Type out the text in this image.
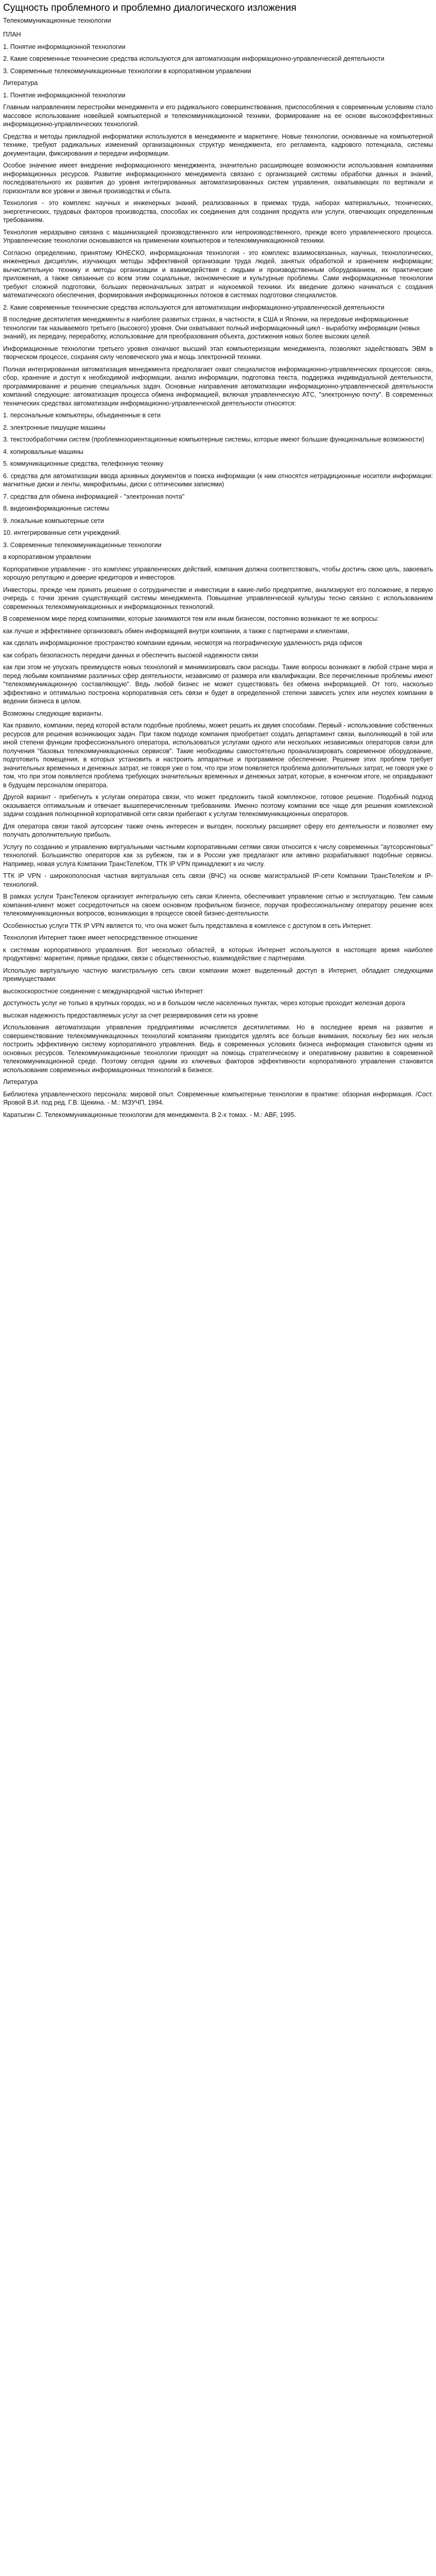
Сущность проблемного и проблемно диалогического изложения
Телекоммуникационные технологии

ПЛАН

1. Понятие информационной технологии

2. Какие современные технические средства используются для автоматизации информационно-управленческой деятельности

3. Современные телекоммуникационные технологии в корпоративном управлении

Литература

1. Понятие информационной технологии

Главным направлением перестройки менеджмента и его радикального совершенствования, приспособления к современным условиям стало массовое использование новейшей компьютерной и телекоммуникационной техники, формирование на ее основе высокоэффективных информационно-управленческих технологий.

Средства и методы прикладной информатики используются в менеджменте и маркетинге. Новые технологии, основанные на компьютерной технике, требуют радикальных изменений организационных структур менеджмента, его регламента, кадрового потенциала, системы документации, фиксирования и передачи информации.

Особое значение имеет внедрение информационного менеджмента, значительно расширяющее возможности использования компаниями информационных ресурсов. Развитие информационного менеджмента связано с организацией системы обработки данных и знаний, последовательного их развития до уровня интегрированных автоматизированных систем управления, охватывающих по вертикали и горизонтали все уровни и звенья производства и сбыта.

Технология - это комплекс научных и инженерных знаний, реализованных в приемах труда, наборах материальных, технических, энергетических, трудовых факторов производства, способах их соединения для создания продукта или услуги, отвечающих определенным требованиям.

Технология неразрывно связана с машинизацией производственного или непроизводственного, прежде всего управленческого процесса. Управленческие технологии основываются на применении компьютеров и телекоммуникационной техники.

Согласно определению, принятому ЮНЕСКО, информационная технология - это комплекс взаимосвязанных, научных, технологических, инженерных дисциплин, изучающих методы эффективной организации труда людей, занятых обработкой и хранением информации; вычислительную технику и методы организации и взаимодействия с людьми и производственным оборудованием, их практические приложения, а также связанные со всем этим социальные, экономические и культурные проблемы. Сами информационные технологии требуют сложной подготовки, больших первоначальных затрат и наукоемкой техники. Их введение должно начинаться с создания математического обеспечения, формирования информационных потоков в системах подготовки специалистов.

2. Какие современные технические средства используются для автоматизации информационно-управленческой деятельности

В последние десятилетия менеджменты в наиболее развитых странах, в частности, в США и Японии, на передовые информационные технологии так называемого третьего (высокого) уровня. Они охватывают полный информационный цикл - выработку информации (новых знаний), их передачу, переработку, использование для преобразования объекта, достижения новых более высоких целей.

Информационные технологии третьего уровня означают высший этап компьютеризации менеджмента, позволяют задействовать ЭВМ в творческом процессе, сохраняя силу человеческого ума и мощь электронной техники.

Полная интегрированная автоматизация менеджмента предполагает охват специалистов информационно-управленческих процессов: связь, сбор, хранение и доступ к необходимой информации, анализ информации, подготовка текста, поддержка индивидуальной деятельности, программирование и решение специальных задач. Основные направления автоматизации информационно-управленческой деятельности компаний следующие: автоматизация процесса обмена информацией, включая управленческую АТС, "электронную почту". В современных технических средствах автоматизации информационно-управленческой деятельности относятся:

1. персональные компьютеры, объединенные в сети

2. электронные пишущие машины

3. текстообработчики систем (проблемноориентационные компьютерные системы, которые имеют большие функциональные возможности)

4. копировальные машины

5. коммуникационные средства, телефонную технику

6. средства для автоматизации ввода архивных документов и поиска информации (к ним относятся нетрадиционные носители информации: магнитные диски и ленты, микрофильмы, диски с оптическими записями)

7. средства для обмена информацией - "электронная почта"

8. видеоинформационные системы

9. локальные компьютерные сети

10. интегрированные сети учреждений.

3. Современные телекоммуникационные технологии

в корпоративном управлении

Корпоративное управление - это комплекс управленческих действий, компания должна соответствовать, чтобы достичь свою цель, завоевать хорошую репутацию и доверие кредиторов и инвесторов.

Инвесторы, прежде чем принять решение о сотрудничестве и инвестиции в какие-либо предприятие, анализируют его положение, в первую очередь с точки зрения существующей системы менеджмента. Повышение управленческой культуры тесно связано с использованием современных телекоммуникационных и информационных технологий.

В современном мире перед компаниями, которые занимаются тем или иным бизнесом, постоянно возникают те же вопросы:

как лучше и эффективнее организовать обмен информацией внутри компании, а также с партнерами и клиентами,

как сделать информационное пространство компании единым, несмотря на географическую удаленность ряда офисов

как собрать безопасность передачи данных и обеспечить высокой надежности связи

как при этом не упускать преимуществ новых технологий и минимизировать свои расходы. Такие вопросы возникают в любой стране мира и перед любыми компаниями различных сфер деятельности, независимо от размера или квалификации. Все перечисленные проблемы имеют "телекоммуникационную составляющую". Ведь любой бизнес не может существовать без обмена информацией. От того, насколько эффективно и оптимально построена корпоративная сеть связи и будет в определенной степени зависеть успех или неуспех компании в ведении бизнеса в целом.

Возможны следующие варианты.

Как правило, компании, перед которой встали подобные проблемы, может решить их двумя способами. Первый - использование собственных ресурсов для решения возникающих задач. При таком подходе компания приобретает создать департамент связи, выполняющий в той или иной степени функции профессионального оператора, использоваться услугами одного или нескольких независимых операторов связи для получения "базовых телекоммуникационных сервисов". Такие необходимы самостоятельно проанализировать современное оборудование, подготовить помещения, в которых установить и настроить аппаратные и программное обеспечение. Решение этих проблем требует значительных временных и денежных затрат, не говоря уже о том, что при этом появляется проблема дополнительных затрат, не говоря уже о том, что при этом появляется проблема требующих значительных временных и денежных затрат, которые, в конечном итоге, не оправдывают в будущем персоналом оператора.

Другой вариант - прибегнуть к услугам оператора связи, что может предложить такой комплексное, готовое решение. Подобный подход оказывается оптимальным и отвечает вышеперечисленным требованиям. Именно поэтому компании все чаще для решения комплексной задачи создания полноценной корпоративной сети связи прибегают к услугам телекоммуникационных операторов.

Для оператора связи такой аутсорсинг также очень интересен и выгоден, поскольку расширяет сферу его деятельности и позволяет ему получать дополнительную прибыль.

Услугу по созданию и управлению виртуальными частными корпоративными сетями связи относится к числу современных "аутсорсинговых" технологий. Большинство операторов как за рубежом, так и в России уже предлагают или активно разрабатывают подобные сервисы. Например, новая услуга Компании ТрансТелеКом, ТТК IP VPN принадлежит к их числу.

ТТК IP VPN - широкополосная частная виртуальная сеть связи (ВЧС) на основе магистральной IP-сети Компании ТрансТелеКом и IP-технологий.

В рамках услуги ТрансТелеком организует интегральную сеть связи Клиента, обеспечивает управление сетью и эксплуатацию. Тем самым компания-клиент может сосредоточиться на своем основном профильном бизнесе, поручая профессиональному оператору решение всех телекоммуникационных вопросов, возникающих в процессе своей бизнес-деятельности.

Особенностью услуги ТТК IP VPN является то, что она может быть представлена в комплексе с доступом в сеть Интернет.

Технология Интернет также имеет непосредственное отношение

к системам корпоративного управления. Вот несколько областей, в которых Интернет используются в настоящее время наиболее продуктивно: маркетинг, прямые продажи, связи с общественностью, взаимодействие с партнерами.

Использую виртуальную частную магистральную сеть связи компании может выделенный доступ в Интернет, обладает следующими преимуществами:

высокоскоростное соединение с международной частью Интернет

доступность услуг не только в крупных городах, но и в большом числе населенных пунктах, через которые проходит железная дорога

высокая надежность предоставляемых услуг за счет резервирования сети на уровне

Использования автоматизации управления предприятиями исчисляется десятилетиями. Но в последнее время на развитие и совершенствование телекоммуникационных технологий компаниям приходится уделять все больше внимания, поскольку без них нельзя построить эффективную систему корпоративного управления. Ведь в современных условиях бизнеса информация становится одним из основных ресурсов. Телекоммуникационные технологии приходят на помощь стратегическому и оперативному развитию в современной телекоммуникационной среде. Поэтому сегодня одним из ключевых факторов эффективности корпоративного управления становится использование современных информационных технологий в бизнесе.

Литература

Библиотека управленческого персонала: мировой опыт. Современные компьютерные технологии в практике: обзорная информация. /Сост. Яровой В.И. под ред. Г.В. Щекина. - М.: МЗУЧП, 1994.

Каратыгин С. Телекоммуникационные технологии для менеджмента. В 2-х томах. - М.: ABF, 1995.
